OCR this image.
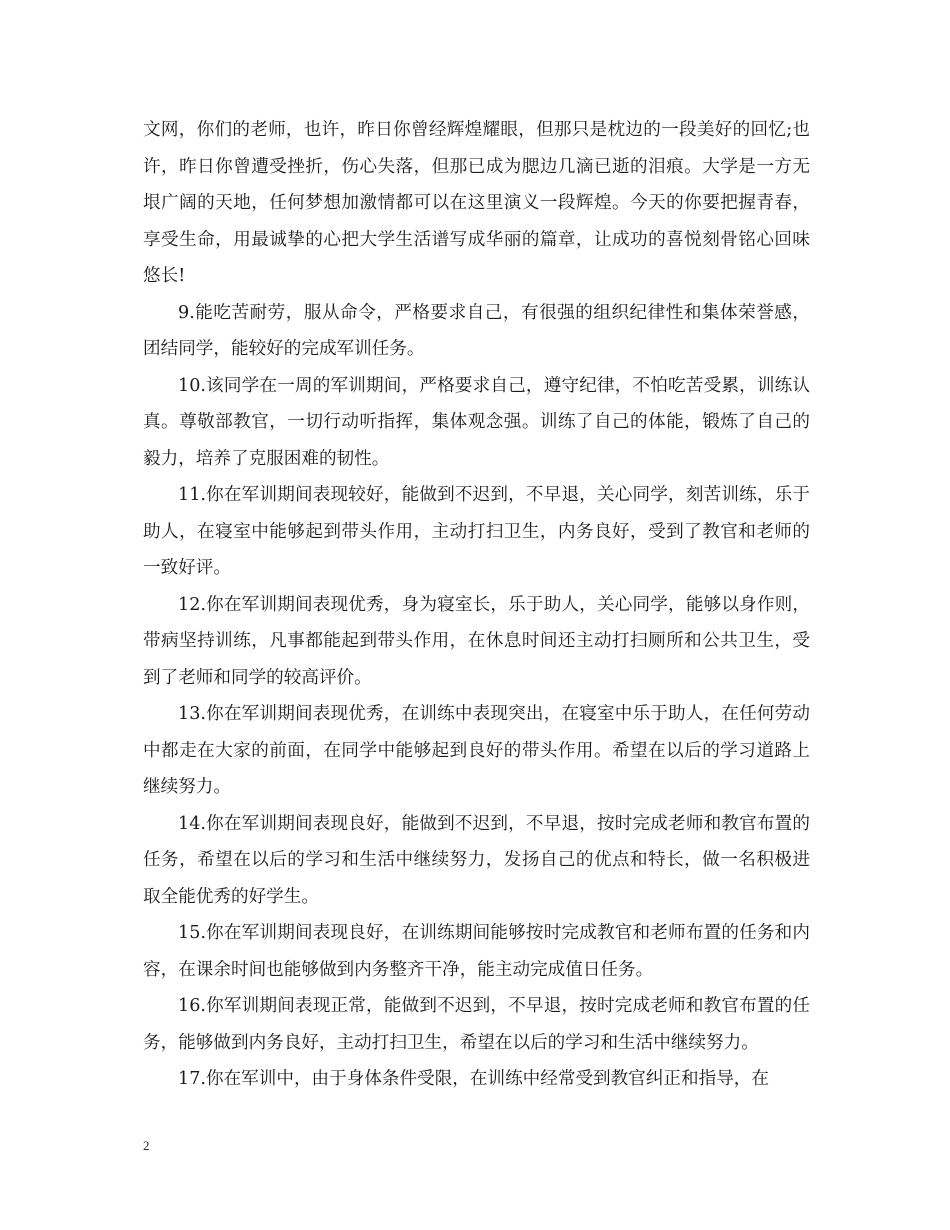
文网，你们的老师，也许，昨日你曾经辉煌耀眼，但那只是枕边的一段美好的回忆;也许，昨日你曾遭受挫折，伤心失落，但那已成为腮边几滴已逝的泪痕。大学是一方无垠广阔的天地，任何梦想加激情都可以在这里演义一段辉煌。今天的你要把握青春，享受生命，用最诚挚的心把大学生活谱写成华丽的篇章，让成功的喜悦刻骨铭心回味悠长!

9.能吃苦耐劳，服从命令，严格要求自己，有很强的组织纪律性和集体荣誉感，团结同学，能较好的完成军训任务。

10.该同学在一周的军训期间，严格要求自己，遵守纪律，不怕吃苦受累，训练认真。尊敬部教官，一切行动听指挥，集体观念强。训练了自己的体能，锻炼了自己的毅力，培养了克服困难的韧性。

11.你在军训期间表现较好，能做到不迟到，不早退，关心同学，刻苦训练，乐于助人，在寝室中能够起到带头作用，主动打扫卫生，内务良好，受到了教官和老师的一致好评。

12.你在军训期间表现优秀，身为寝室长，乐于助人，关心同学，能够以身作则，带病坚持训练，凡事都能起到带头作用，在休息时间还主动打扫厕所和公共卫生，受到了老师和同学的较高评价。

13.你在军训期间表现优秀，在训练中表现突出，在寝室中乐于助人，在任何劳动中都走在大家的前面，在同学中能够起到良好的带头作用。希望在以后的学习道路上继续努力。

14.你在军训期间表现良好，能做到不迟到，不早退，按时完成老师和教官布置的任务，希望在以后的学习和生活中继续努力，发扬自己的优点和特长，做一名积极进取全能优秀的好学生。

15.你在军训期间表现良好，在训练期间能够按时完成教官和老师布置的任务和内容，在课余时间也能够做到内务整齐干净，能主动完成值日任务。

16.你军训期间表现正常，能做到不迟到，不早退，按时完成老师和教官布置的任务，能够做到内务良好，主动打扫卫生，希望在以后的学习和生活中继续努力。

17.你在军训中，由于身体条件受限，在训练中经常受到教官纠正和指导，在

2
